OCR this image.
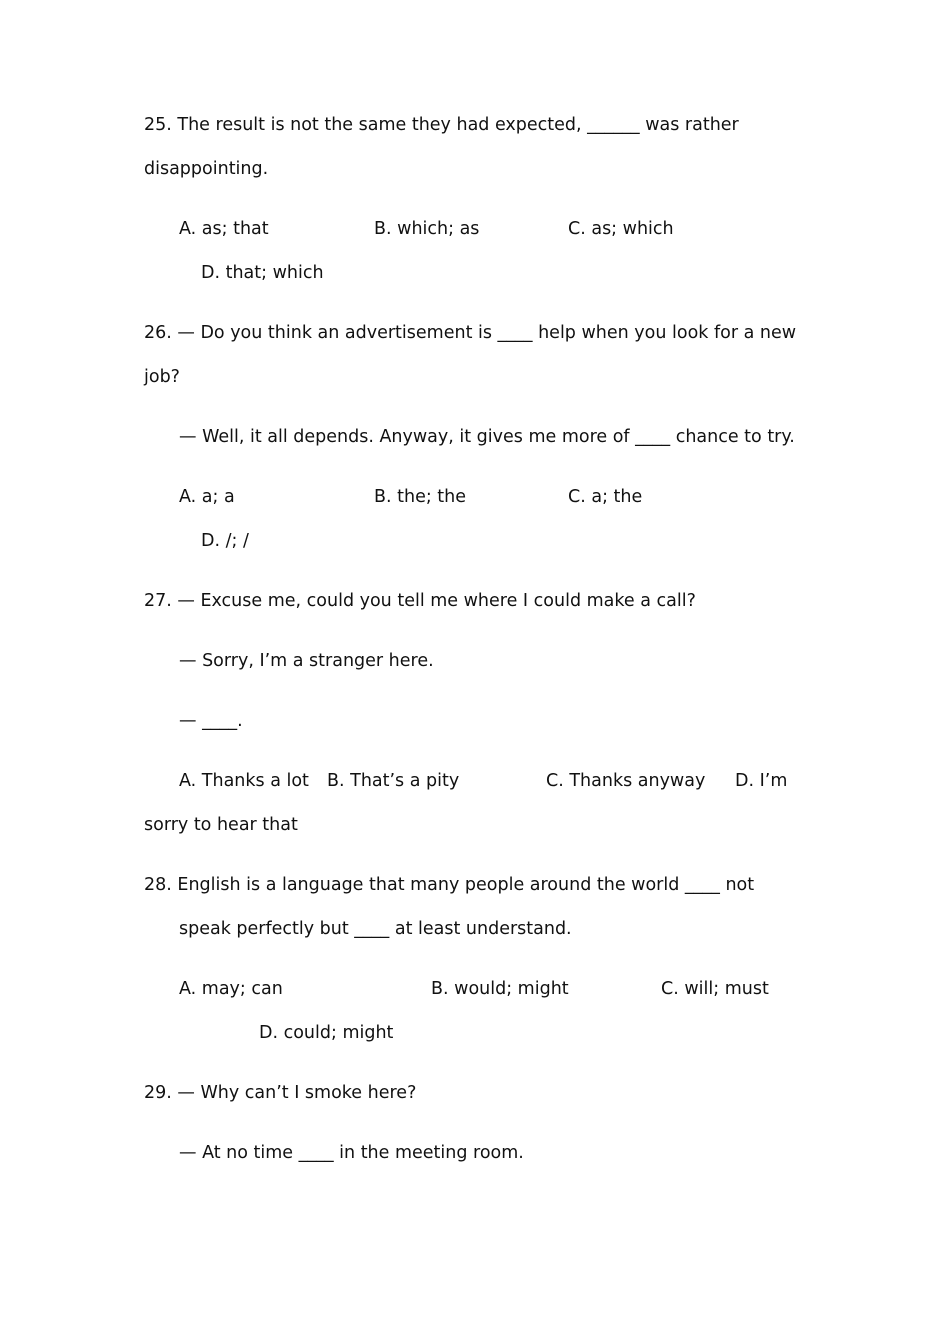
25. The result is not the same they had expected, ______ was rather

disappointing.

A. as; that	B. which; as	C. as; which
D. that; which

26. — Do you think an advertisement is ____ help when you look for a new

job?

— Well, it all depends. Anyway, it gives me more of ____ chance to try.

A. a; a	B. the; the	C. a; the
D. /; /

27. — Excuse me, could you tell me where I could make a call?

— Sorry, I’m a stranger here.

— ____.

A. Thanks a lot B. That’s a pity	C. Thanks anyway D. I’m
sorry to hear that

28. English is a language that many people around the world ____ not

speak perfectly but ____ at least understand.

A. may; can	B. would; might	C. will; must
D. could; might

29. — Why can’t I smoke here?

— At no time ____ in the meeting room.
